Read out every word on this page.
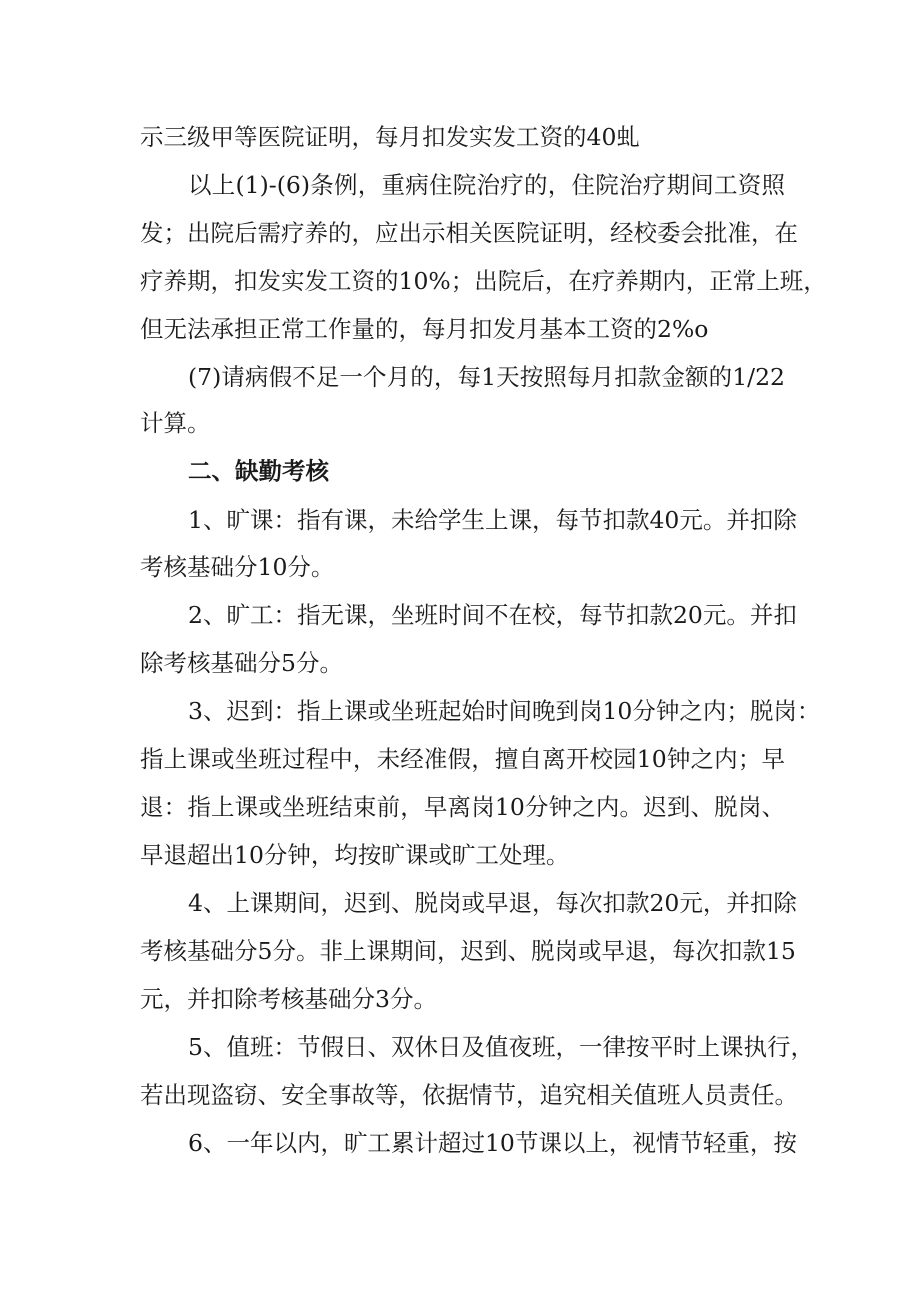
示三级甲等医院证明，每月扣发实发工资的40虬
以上(1)-(6)条例，重病住院治疗的，住院治疗期间工资照
发；出院后需疗养的，应出示相关医院证明，经校委会批准，在
疗养期，扣发实发工资的10%；出院后，在疗养期内，正常上班，
但无法承担正常工作量的，每月扣发月基本工资的2%o
(7)请病假不足一个月的，每1天按照每月扣款金额的1/22
计算。
二、缺勤考核
1、旷课：指有课，未给学生上课，每节扣款40元。并扣除
考核基础分10分。
2、旷工：指无课，坐班时间不在校，每节扣款20元。并扣
除考核基础分5分。
3、迟到：指上课或坐班起始时间晚到岗10分钟之内；脱岗：
指上课或坐班过程中，未经准假，擅自离开校园10钟之内；早
退：指上课或坐班结束前，早离岗10分钟之内。迟到、脱岗、
早退超出10分钟，均按旷课或旷工处理。
4、上课期间，迟到、脱岗或早退，每次扣款20元，并扣除
考核基础分5分。非上课期间，迟到、脱岗或早退，每次扣款15
元，并扣除考核基础分3分。
5、值班：节假日、双休日及值夜班，一律按平时上课执行，
若出现盗窃、安全事故等，依据情节，追究相关值班人员责任。
6、一年以内，旷工累计超过10节课以上，视情节轻重，按
